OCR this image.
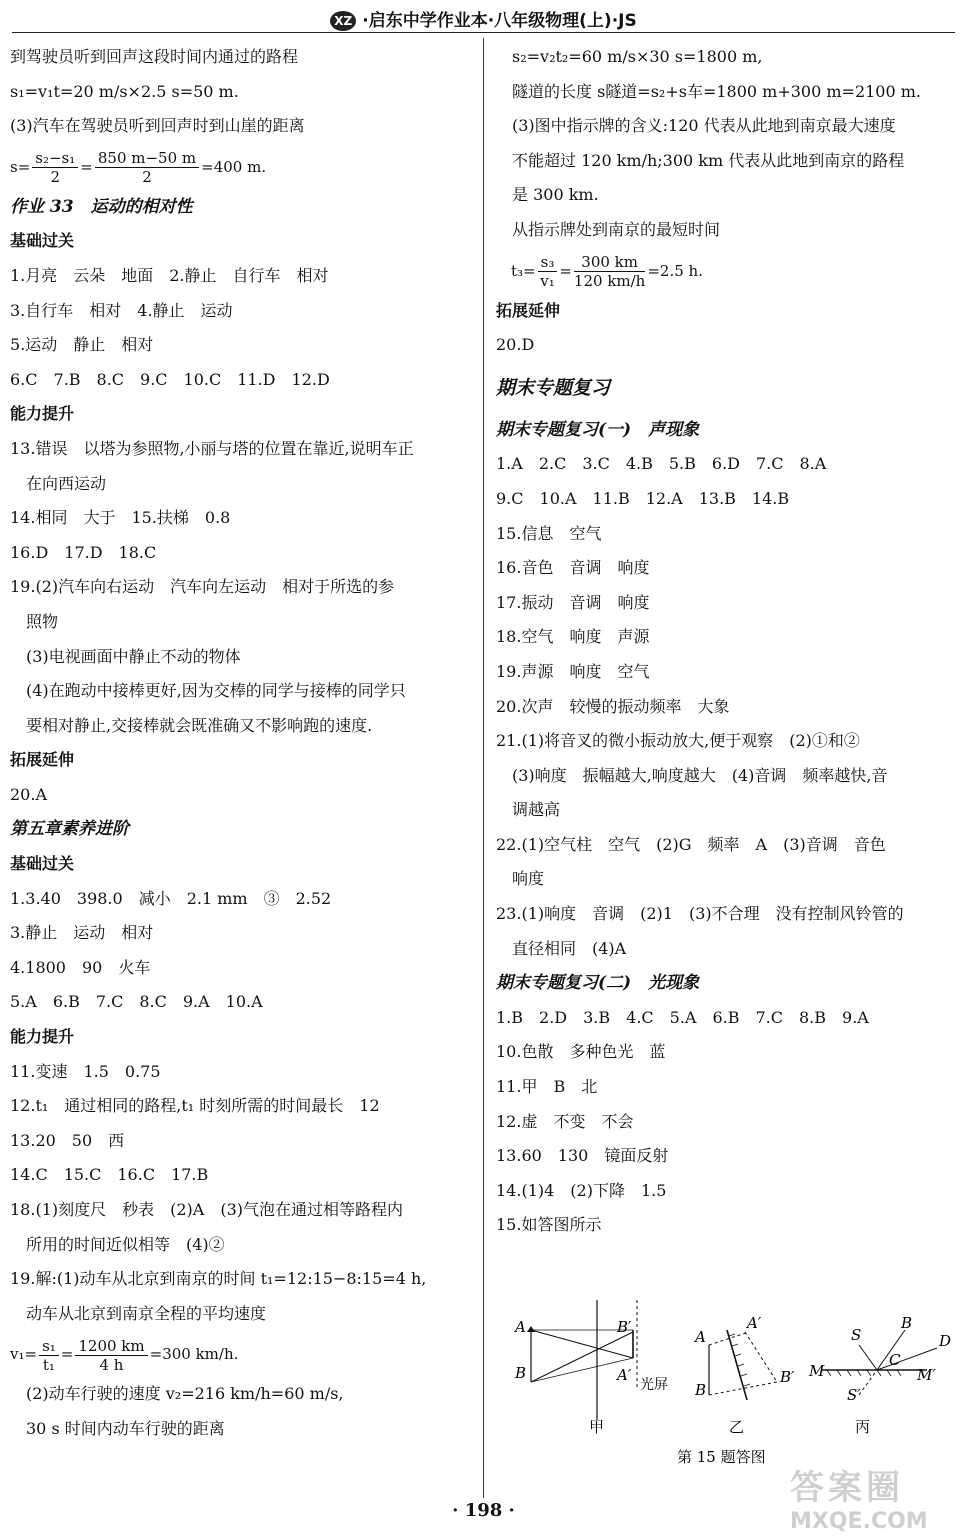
XZ ·启东中学作业本·八年级物理(上)·JS
到驾驶员听到回声这段时间内通过的路程
s₁=v₁t=20 m/s×2.5 s=50 m.
(3)汽车在驾驶员听到回声时到山崖的距离
$s= \frac{\text{s₂−s₁}}{2} = \frac{850 m-50 m}{2} =400$ m.
作业 33　运动的相对性
基础过关
1.月亮　云朵　地面　2.静止　自行车　相对
3.自行车　相对　4.静止　运动
5.运动　静止　相对
6.C　7.B　8.C　9.C　10.C　11.D　12.D
能力提升
13.错误　以塔为参照物,小丽与塔的位置在靠近,说明车正
　在向西运动
14.相同　大于　15.扶梯　0.8
16.D　17.D　18.C
19.(2)汽车向右运动　汽车向左运动　相对于所选的参
　照物
　(3)电视画面中静止不动的物体
　(4)在跑动中接棒更好,因为交棒的同学与接棒的同学只
　要相对静止,交接棒就会既准确又不影响跑的速度.
拓展延伸
20.A
第五章素养进阶
基础过关
1.3.40　398.0　减小　2.1 mm　③　2.52
3.静止　运动　相对
4.1800　90　火车
5.A　6.B　7.C　8.C　9.A　10.A
能力提升
11.变速　1.5　0.75
12.t₁　通过相同的路程,t₁ 时刻所需的时间最长　12
13.20　50　西
14.C　15.C　16.C　17.B
18.(1)刻度尺　秒表　(2)A　(3)气泡在通过相等路程内
　所用的时间近似相等　(4)②
19.解:(1)动车从北京到南京的时间 t₁=12:15−8:15=4 h,
　动车从北京到南京全程的平均速度
$v_1= \frac{\text{s₁}}{\text{t₁}} = \frac{1200 km}{4 h} =300$ km/h.
　(2)动车行驶的速度 v₂=216 km/h=60 m/s,
　30 s 时间内动车行驶的距离
　s₂=v₂t₂=60 m/s×30 s=1800 m,
　隧道的长度 s隧道=s₂+s车=1800 m+300 m=2100 m.
　(3)图中指示牌的含义:120 代表从此地到南京最大速度
　不能超过 120 km/h;300 km 代表从此地到南京的路程
　是 300 km.
　从指示牌处到南京的最短时间
　$t_3= \frac{\text{s₃}}{\text{v₁}} = \frac{300 km}{120 km/h} =2.5$ h.
拓展延伸
20.D
期末专题复习
期末专题复习(一)　声现象
1.A　2.C　3.C　4.B　5.B　6.D　7.C　8.A
9.C　10.A　11.B　12.A　13.B　14.B
15.信息　空气
16.音色　音调　响度
17.振动　音调　响度
18.空气　响度　声源
19.声源　响度　空气
20.次声　较慢的振动频率　大象
21.(1)将音叉的微小振动放大,便于观察　(2)①和②
　(3)响度　振幅越大,响度越大　(4)音调　频率越快,音
　调越高
22.(1)空气柱　空气　(2)G　频率　A　(3)音调　音色
　响度
23.(1)响度　音调　(2)1　(3)不合理　没有控制风铃管的
　直径相同　(4)A
期末专题复习(二)　光现象
1.B　2.D　3.B　4.C　5.A　6.B　7.C　8.B　9.A
10.色散　多种色光　蓝
11.甲　B　北
12.虚　不变　不会
13.60　130　镜面反射
14.(1)4　(2)下降　1.5
15.如答图所示
A
B
B′
A′
光屏
甲
A
B
A′
B′
乙
S
B
D
M
C
M′
S′
丙
第 15 题答图
· 198 ·
答案圈
MXQE.COM
